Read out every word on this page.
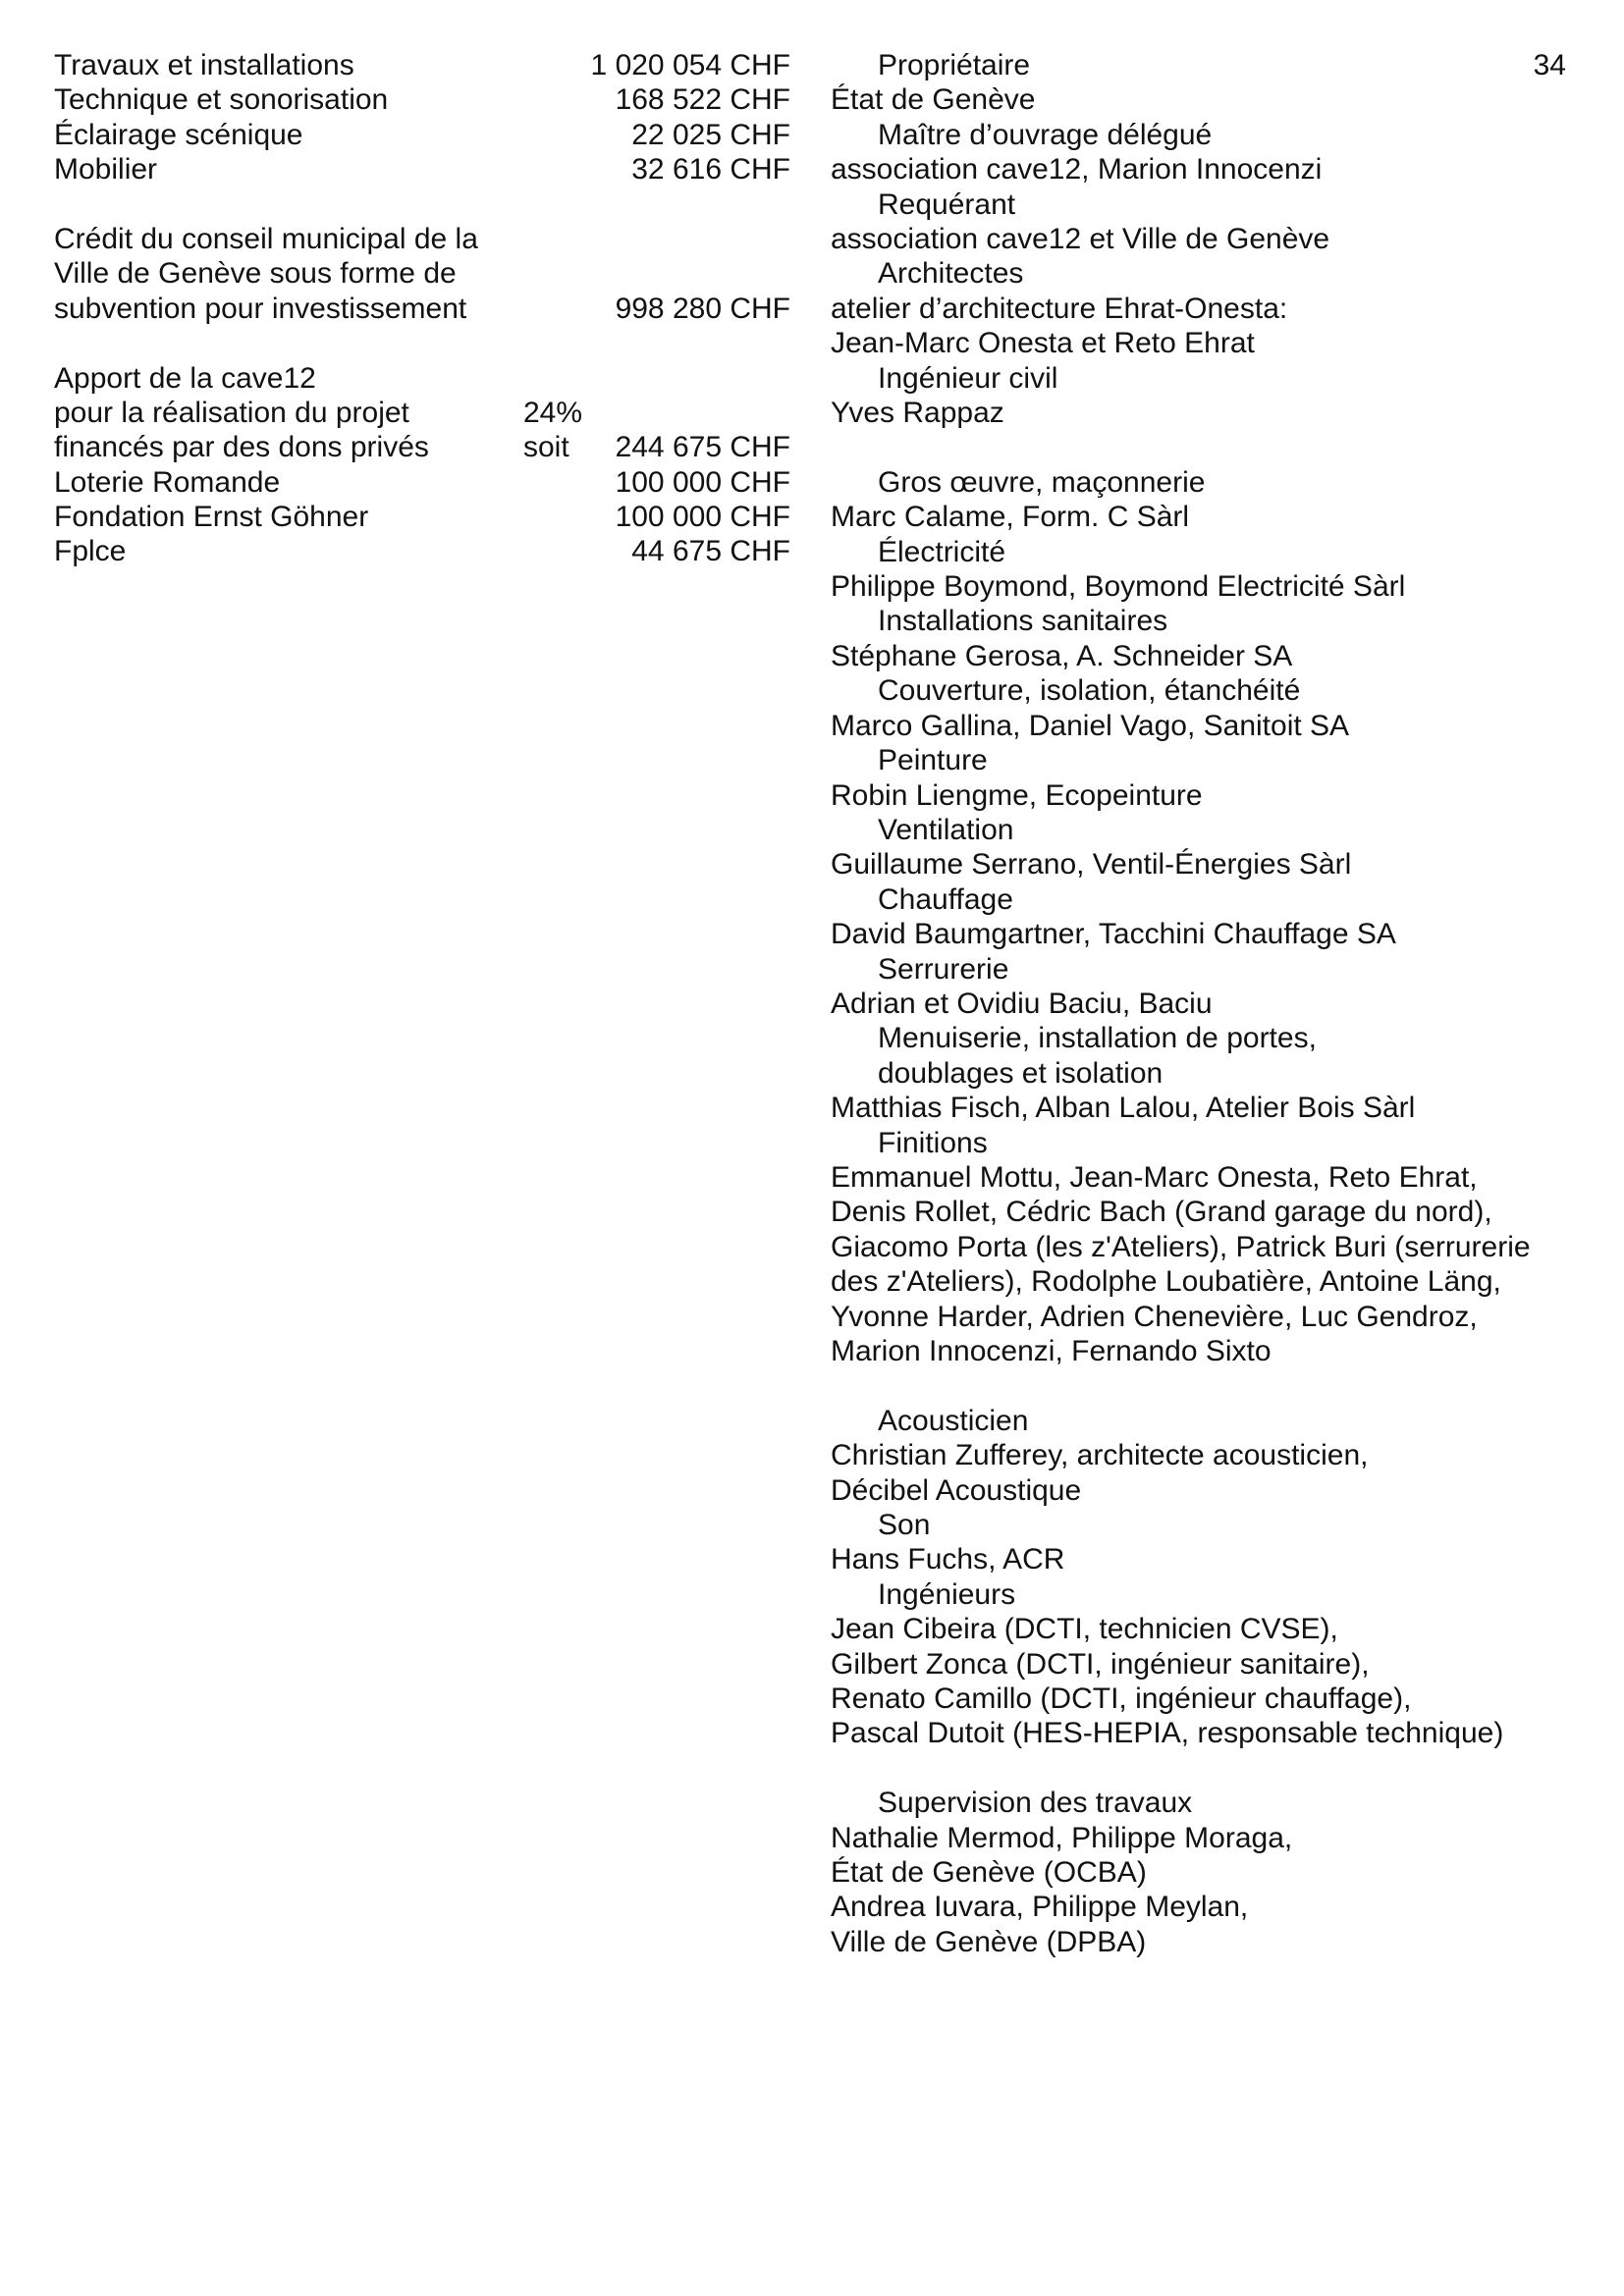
34
Travaux et installations	1 020 054 CHF
Technique et sonorisation	168 522 CHF
Éclairage scénique	22 025 CHF
Mobilier	32 616 CHF
Crédit du conseil municipal de la
Ville de Genève sous forme de
subvention pour investissement	998 280 CHF
Apport de la cave12
pour la réalisation du projet	24%
financés par des dons privés	soit 244 675 CHF
Loterie Romande	100 000 CHF
Fondation Ernst Göhner	100 000 CHF
Fplce	44 675 CHF
Propriétaire
État de Genève
Maître d’ouvrage délégué
association cave12, Marion Innocenzi
Requérant
association cave12 et Ville de Genève
Architectes
atelier d’architecture Ehrat-Onesta:
Jean-Marc Onesta et Reto Ehrat
Ingénieur civil
Yves Rappaz
Gros œuvre, maçonnerie
Marc Calame, Form. C Sàrl
Électricité
Philippe Boymond, Boymond Electricité Sàrl
Installations sanitaires
Stéphane Gerosa, A. Schneider SA
Couverture, isolation, étanchéité
Marco Gallina, Daniel Vago, Sanitoit SA
Peinture
Robin Liengme, Ecopeinture
Ventilation
Guillaume Serrano, Ventil-Énergies Sàrl
Chauffage
David Baumgartner, Tacchini Chauffage SA
Serrurerie
Adrian et Ovidiu Baciu, Baciu
Menuiserie, installation de portes,
doublages et isolation
Matthias Fisch, Alban Lalou, Atelier Bois Sàrl
Finitions
Emmanuel Mottu, Jean-Marc Onesta, Reto Ehrat,
Denis Rollet, Cédric Bach (Grand garage du nord),
Giacomo Porta (les z'Ateliers), Patrick Buri (serrurerie
des z'Ateliers), Rodolphe Loubatière, Antoine Läng,
Yvonne Harder, Adrien Chenevière, Luc Gendroz,
Marion Innocenzi, Fernando Sixto
Acousticien
Christian Zufferey, architecte acousticien,
Décibel Acoustique
Son
Hans Fuchs, ACR
Ingénieurs
Jean Cibeira (DCTI, technicien CVSE),
Gilbert Zonca (DCTI, ingénieur sanitaire),
Renato Camillo (DCTI, ingénieur chauffage),
Pascal Dutoit (HES-HEPIA, responsable technique)
Supervision des travaux
Nathalie Mermod, Philippe Moraga,
État de Genève (OCBA)
Andrea Iuvara, Philippe Meylan,
Ville de Genève (DPBA)
